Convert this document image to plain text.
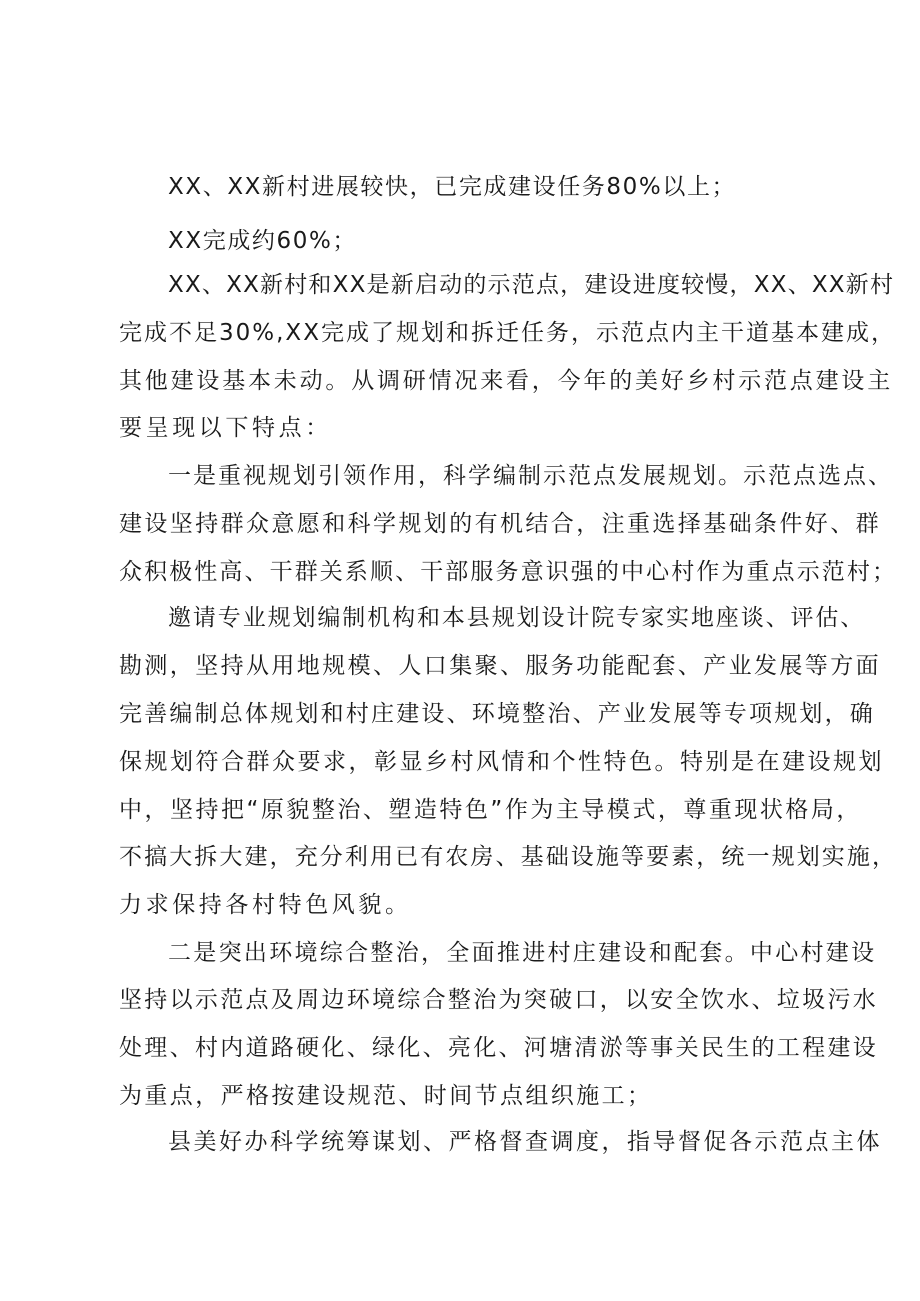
XX、XX新村进展较快，已完成建设任务80%以上；
XX完成约60%；
XX、XX新村和XX是新启动的示范点，建设进度较慢，XX、XX新村
完成不足30%,XX完成了规划和拆迁任务，示范点内主干道基本建成，
其他建设基本未动。从调研情况来看，今年的美好乡村示范点建设主
要呈现以下特点：
一是重视规划引领作用，科学编制示范点发展规划。示范点选点、
建设坚持群众意愿和科学规划的有机结合，注重选择基础条件好、群
众积极性高、干群关系顺、干部服务意识强的中心村作为重点示范村；
邀请专业规划编制机构和本县规划设计院专家实地座谈、评估、
勘测，坚持从用地规模、人口集聚、服务功能配套、产业发展等方面
完善编制总体规划和村庄建设、环境整治、产业发展等专项规划，确
保规划符合群众要求，彰显乡村风情和个性特色。特别是在建设规划
中，坚持把“原貌整治、塑造特色”作为主导模式，尊重现状格局，
不搞大拆大建，充分利用已有农房、基础设施等要素，统一规划实施，
力求保持各村特色风貌。
二是突出环境综合整治，全面推进村庄建设和配套。中心村建设
坚持以示范点及周边环境综合整治为突破口，以安全饮水、垃圾污水
处理、村内道路硬化、绿化、亮化、河塘清淤等事关民生的工程建设
为重点，严格按建设规范、时间节点组织施工；
县美好办科学统筹谋划、严格督查调度，指导督促各示范点主体
